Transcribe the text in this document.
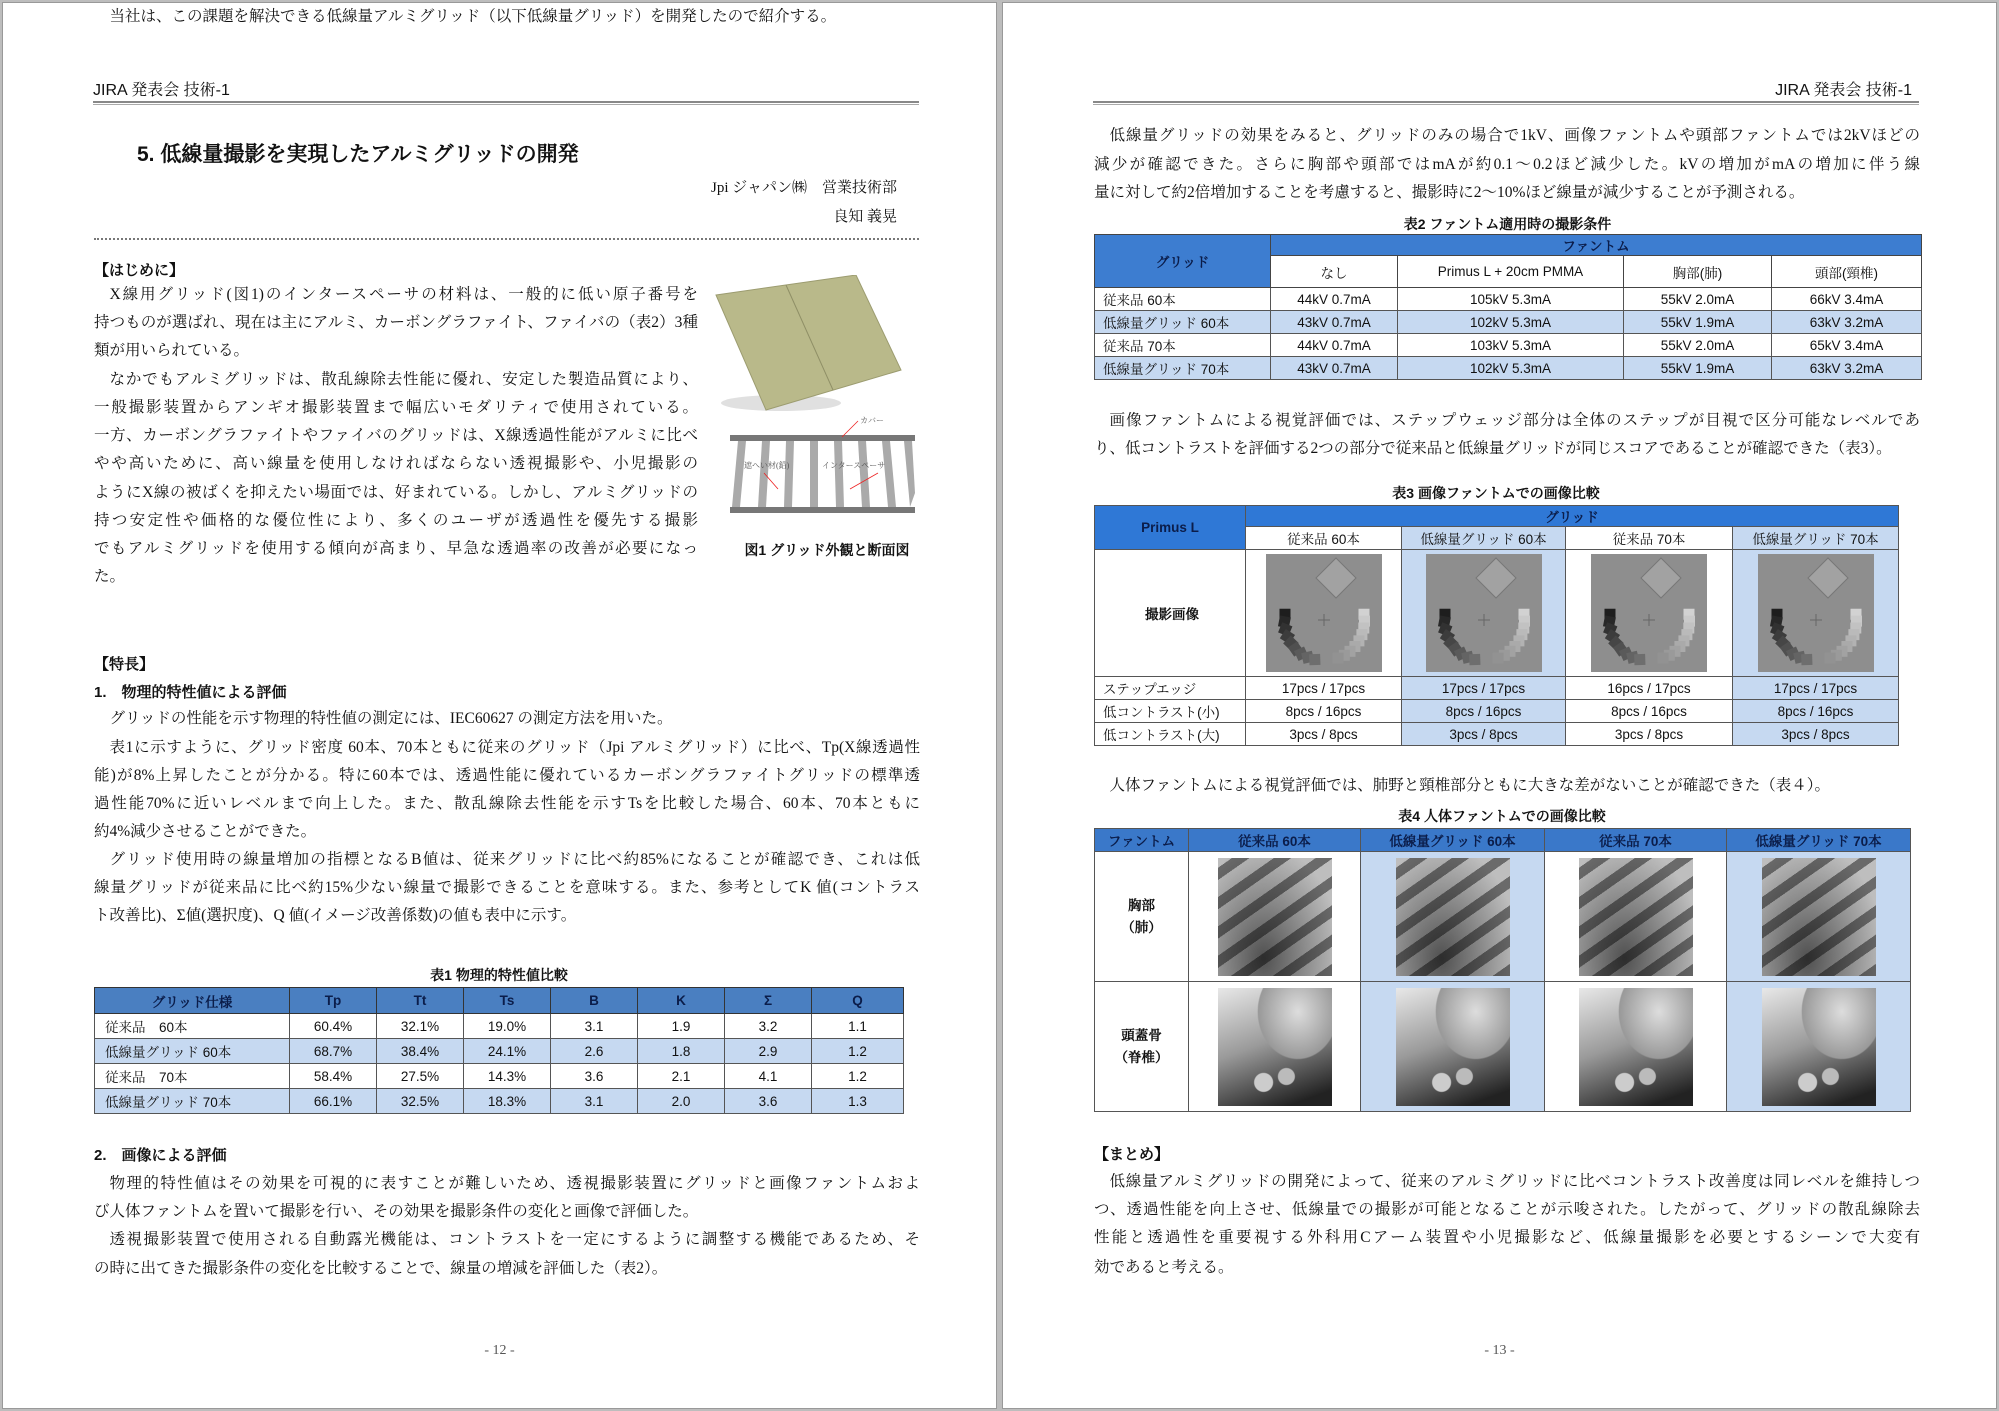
JIRA 発表会 技術-1
5. 低線量撮影を実現したアルミグリッドの開発
Jpi ジャパン㈱　営業技術部
良知 義晃
【はじめに】
カバー
遮へい材(鉛)	インタースペーサ
図1 グリッド外観と断面図
【特長】
1.　物理的特性値による評価
表1 物理的特性値比較
グリッド仕様	Tp	Tt	Ts	B	K	Σ	Q
従来品　60本	60.4%	32.1%	19.0%	3.1	1.9	3.2	1.1
低線量グリッド 60本	68.7%	38.4%	24.1%	2.6	1.8	2.9	1.2
従来品　70本	58.4%	27.5%	14.3%	3.6	2.1	4.1	1.2
低線量グリッド 70本	66.1%	32.5%	18.3%	3.1	2.0	3.6	1.3
2.　画像による評価
- 12 -
X線用グリッド(図1)のインタースペーサの材料は、一般的に低い原子番号を
持つものが選ばれ、現在は主にアルミ、カーボングラファイト、ファイバの（表2）3種
類が用いられている。
なかでもアルミグリッドは、散乱線除去性能に優れ、安定した製造品質により、
一般撮影装置からアンギオ撮影装置まで幅広いモダリティで使用されている。
一方、カーボングラファイトやファイバのグリッドは、X線透過性能がアルミに比べ
やや高いために、高い線量を使用しなければならない透視撮影や、小児撮影の
ようにX線の被ばくを抑えたい場面では、好まれている。しかし、アルミグリッドの
持つ安定性や価格的な優位性により、多くのユーザが透過性を優先する撮影
でもアルミグリッドを使用する傾向が高まり、早急な透過率の改善が必要になっ
た。
当社は、この課題を解決できる低線量アルミグリッド（以下低線量グリッド）を開発したので紹介する。
グリッドの性能を示す物理的特性値の測定には、IEC60627 の測定方法を用いた。
表1に示すように、グリッド密度 60本、70本ともに従来のグリッド（Jpi アルミグリッド）に比べ、Tp(X線透過性
能)が8%上昇したことが分かる。特に60本では、透過性能に優れているカーボングラファイトグリッドの標準透
過性能70%に近いレベルまで向上した。また、散乱線除去性能を示すTsを比較した場合、60本、70本ともに
約4%減少させることができた。
グリッド使用時の線量増加の指標となるB値は、従来グリッドに比べ約85%になることが確認でき、これは低
線量グリッドが従来品に比べ約15%少ない線量で撮影できることを意味する。また、参考としてK 値(コントラス
ト改善比)、Σ値(選択度)、Q 値(イメージ改善係数)の値も表中に示す。
物理的特性値はその効果を可視的に表すことが難しいため、透視撮影装置にグリッドと画像ファントムおよ
び人体ファントムを置いて撮影を行い、その効果を撮影条件の変化と画像で評価した。
透視撮影装置で使用される自動露光機能は、コントラストを一定にするように調整する機能であるため、そ
の時に出てきた撮影条件の変化を比較することで、線量の増減を評価した（表2）。
JIRA 発表会 技術-1
表2 ファントム適用時の撮影条件
グリッド	ファントム			
	なし	Primus L + 20cm PMMA	胸部(肺)	頭部(頸椎)
従来品 60本	44kV 0.7mA	105kV 5.3mA	55kV 2.0mA	66kV 3.4mA
低線量グリッド 60本	43kV 0.7mA	102kV 5.3mA	55kV 1.9mA	63kV 3.2mA
従来品 70本	44kV 0.7mA	103kV 5.3mA	55kV 2.0mA	65kV 3.4mA
低線量グリッド 70本	43kV 0.7mA	102kV 5.3mA	55kV 1.9mA	63kV 3.2mA
表3 画像ファントムでの画像比較
Primus L	グリッド			
	従来品 60本	低線量グリッド 60本	従来品 70本	低線量グリッド 70本
撮影画像				
ステップエッジ	17pcs / 17pcs	17pcs / 17pcs	16pcs / 17pcs	17pcs / 17pcs
低コントラスト(小)	8pcs / 16pcs	8pcs / 16pcs	8pcs / 16pcs	8pcs / 16pcs
低コントラスト(大)	3pcs / 8pcs	3pcs / 8pcs	3pcs / 8pcs	3pcs / 8pcs
表4 人体ファントムでの画像比較
ファントム	従来品 60本	低線量グリッド 60本	従来品 70本	低線量グリッド 70本

胸部
（肺）				

頭蓋骨
（脊椎）				

【まとめ】
- 13 -
低線量グリッドの効果をみると、グリッドのみの場合で1kV、画像ファントムや頭部ファントムでは2kVほどの
減少が確認できた。さらに胸部や頭部ではmAが約0.1～0.2ほど減少した。kVの増加がmAの増加に伴う線
量に対して約2倍増加することを考慮すると、撮影時に2～10%ほど線量が減少することが予測される。
画像ファントムによる視覚評価では、ステップウェッジ部分は全体のステップが目視で区分可能なレベルであ
り、低コントラストを評価する2つの部分で従来品と低線量グリッドが同じスコアであることが確認できた（表3）。
人体ファントムによる視覚評価では、肺野と頸椎部分ともに大きな差がないことが確認できた（表４）。
低線量アルミグリッドの開発によって、従来のアルミグリッドに比べコントラスト改善度は同レベルを維持しつ
つ、透過性能を向上させ、低線量での撮影が可能となることが示唆された。したがって、グリッドの散乱線除去
性能と透過性を重要視する外科用Cアーム装置や小児撮影など、低線量撮影を必要とするシーンで大変有
効であると考える。
